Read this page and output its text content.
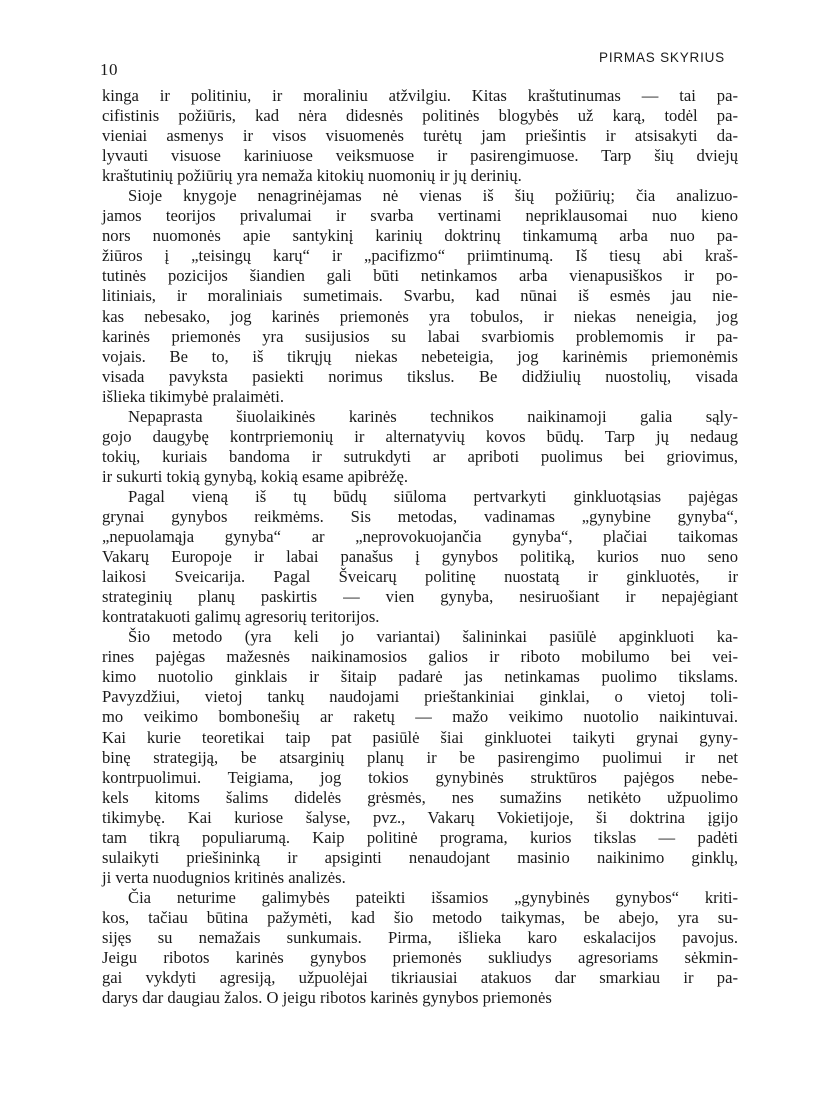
10
PIRMAS SKYRIUS
kinga ir politiniu, ir moraliniu atžvilgiu. Kitas kraštutinumas — tai pa-
cifistinis požiūris, kad nėra didesnės politinės blogybės už karą, todėl pa-
vieniai asmenys ir visos visuomenės turėtų jam priešintis ir atsisakyti da-
lyvauti visuose kariniuose veiksmuose ir pasirengimuose. Tarp šių dviejų
kraštutinių požiūrių yra nemaža kitokių nuomonių ir jų derinių.
Sioje knygoje nenagrinėjamas nė vienas iš šių požiūrių; čia analizuo-
jamos teorijos privalumai ir svarba vertinami nepriklausomai nuo kieno
nors nuomonės apie santykinį karinių doktrinų tinkamumą arba nuo pa-
žiūros į „teisingų karų“ ir „pacifizmo“ priimtinumą. Iš tiesų abi kraš-
tutinės pozicijos šiandien gali būti netinkamos arba vienapusiškos ir po-
litiniais, ir moraliniais sumetimais. Svarbu, kad nūnai iš esmės jau nie-
kas nebesako, jog karinės priemonės yra tobulos, ir niekas neneigia, jog
karinės priemonės yra susijusios su labai svarbiomis problemomis ir pa-
vojais. Be to, iš tikrųjų niekas nebeteigia, jog karinėmis priemonėmis
visada pavyksta pasiekti norimus tikslus. Be didžiulių nuostolių, visada
išlieka tikimybė pralaimėti.
Nepaprasta šiuolaikinės karinės technikos naikinamoji galia sąly-
gojo daugybę kontrpriemonių ir alternatyvių kovos būdų. Tarp jų nedaug
tokių, kuriais bandoma ir sutrukdyti ar apriboti puolimus bei griovimus,
ir sukurti tokią gynybą, kokią esame apibrėžę.
Pagal vieną iš tų būdų siūloma pertvarkyti ginkluotąsias pajėgas
grynai gynybos reikmėms. Sis metodas, vadinamas „gynybine gynyba“,
„nepuolamąja gynyba“ ar „neprovokuojančia gynyba“, plačiai taikomas
Vakarų Europoje ir labai panašus į gynybos politiką, kurios nuo seno
laikosi Sveicarija. Pagal Šveicarų politinę nuostatą ir ginkluotės, ir
strateginių planų paskirtis — vien gynyba, nesiruošiant ir nepajėgiant
kontratakuoti galimų agresorių teritorijos.
Šio metodo (yra keli jo variantai) šalininkai pasiūlė apginkluoti ka-
rines pajėgas mažesnės naikinamosios galios ir riboto mobilumo bei vei-
kimo nuotolio ginklais ir šitaip padarė jas netinkamas puolimo tikslams.
Pavyzdžiui, vietoj tankų naudojami prieštankiniai ginklai, o vietoj toli-
mo veikimo bombonešių ar raketų — mažo veikimo nuotolio naikintuvai.
Kai kurie teoretikai taip pat pasiūlė šiai ginkluotei taikyti grynai gyny-
binę strategiją, be atsarginių planų ir be pasirengimo puolimui ir net
kontrpuolimui. Teigiama, jog tokios gynybinės struktūros pajėgos nebe-
kels kitoms šalims didelės grėsmės, nes sumažins netikėto užpuolimo
tikimybę. Kai kuriose šalyse, pvz., Vakarų Vokietijoje, ši doktrina įgijo
tam tikrą populiarumą. Kaip politinė programa, kurios tikslas — padėti
sulaikyti priešininką ir apsiginti nenaudojant masinio naikinimo ginklų,
ji verta nuodugnios kritinės analizės.
Čia neturime galimybės pateikti išsamios „gynybinės gynybos“ kriti-
kos, tačiau būtina pažymėti, kad šio metodo taikymas, be abejo, yra su-
sijęs su nemažais sunkumais. Pirma, išlieka karo eskalacijos pavojus.
Jeigu ribotos karinės gynybos priemonės sukliudys agresoriams sėkmin-
gai vykdyti agresiją, užpuolėjai tikriausiai atakuos dar smarkiau ir pa-
darys dar daugiau žalos. O jeigu ribotos karinės gynybos priemonės
